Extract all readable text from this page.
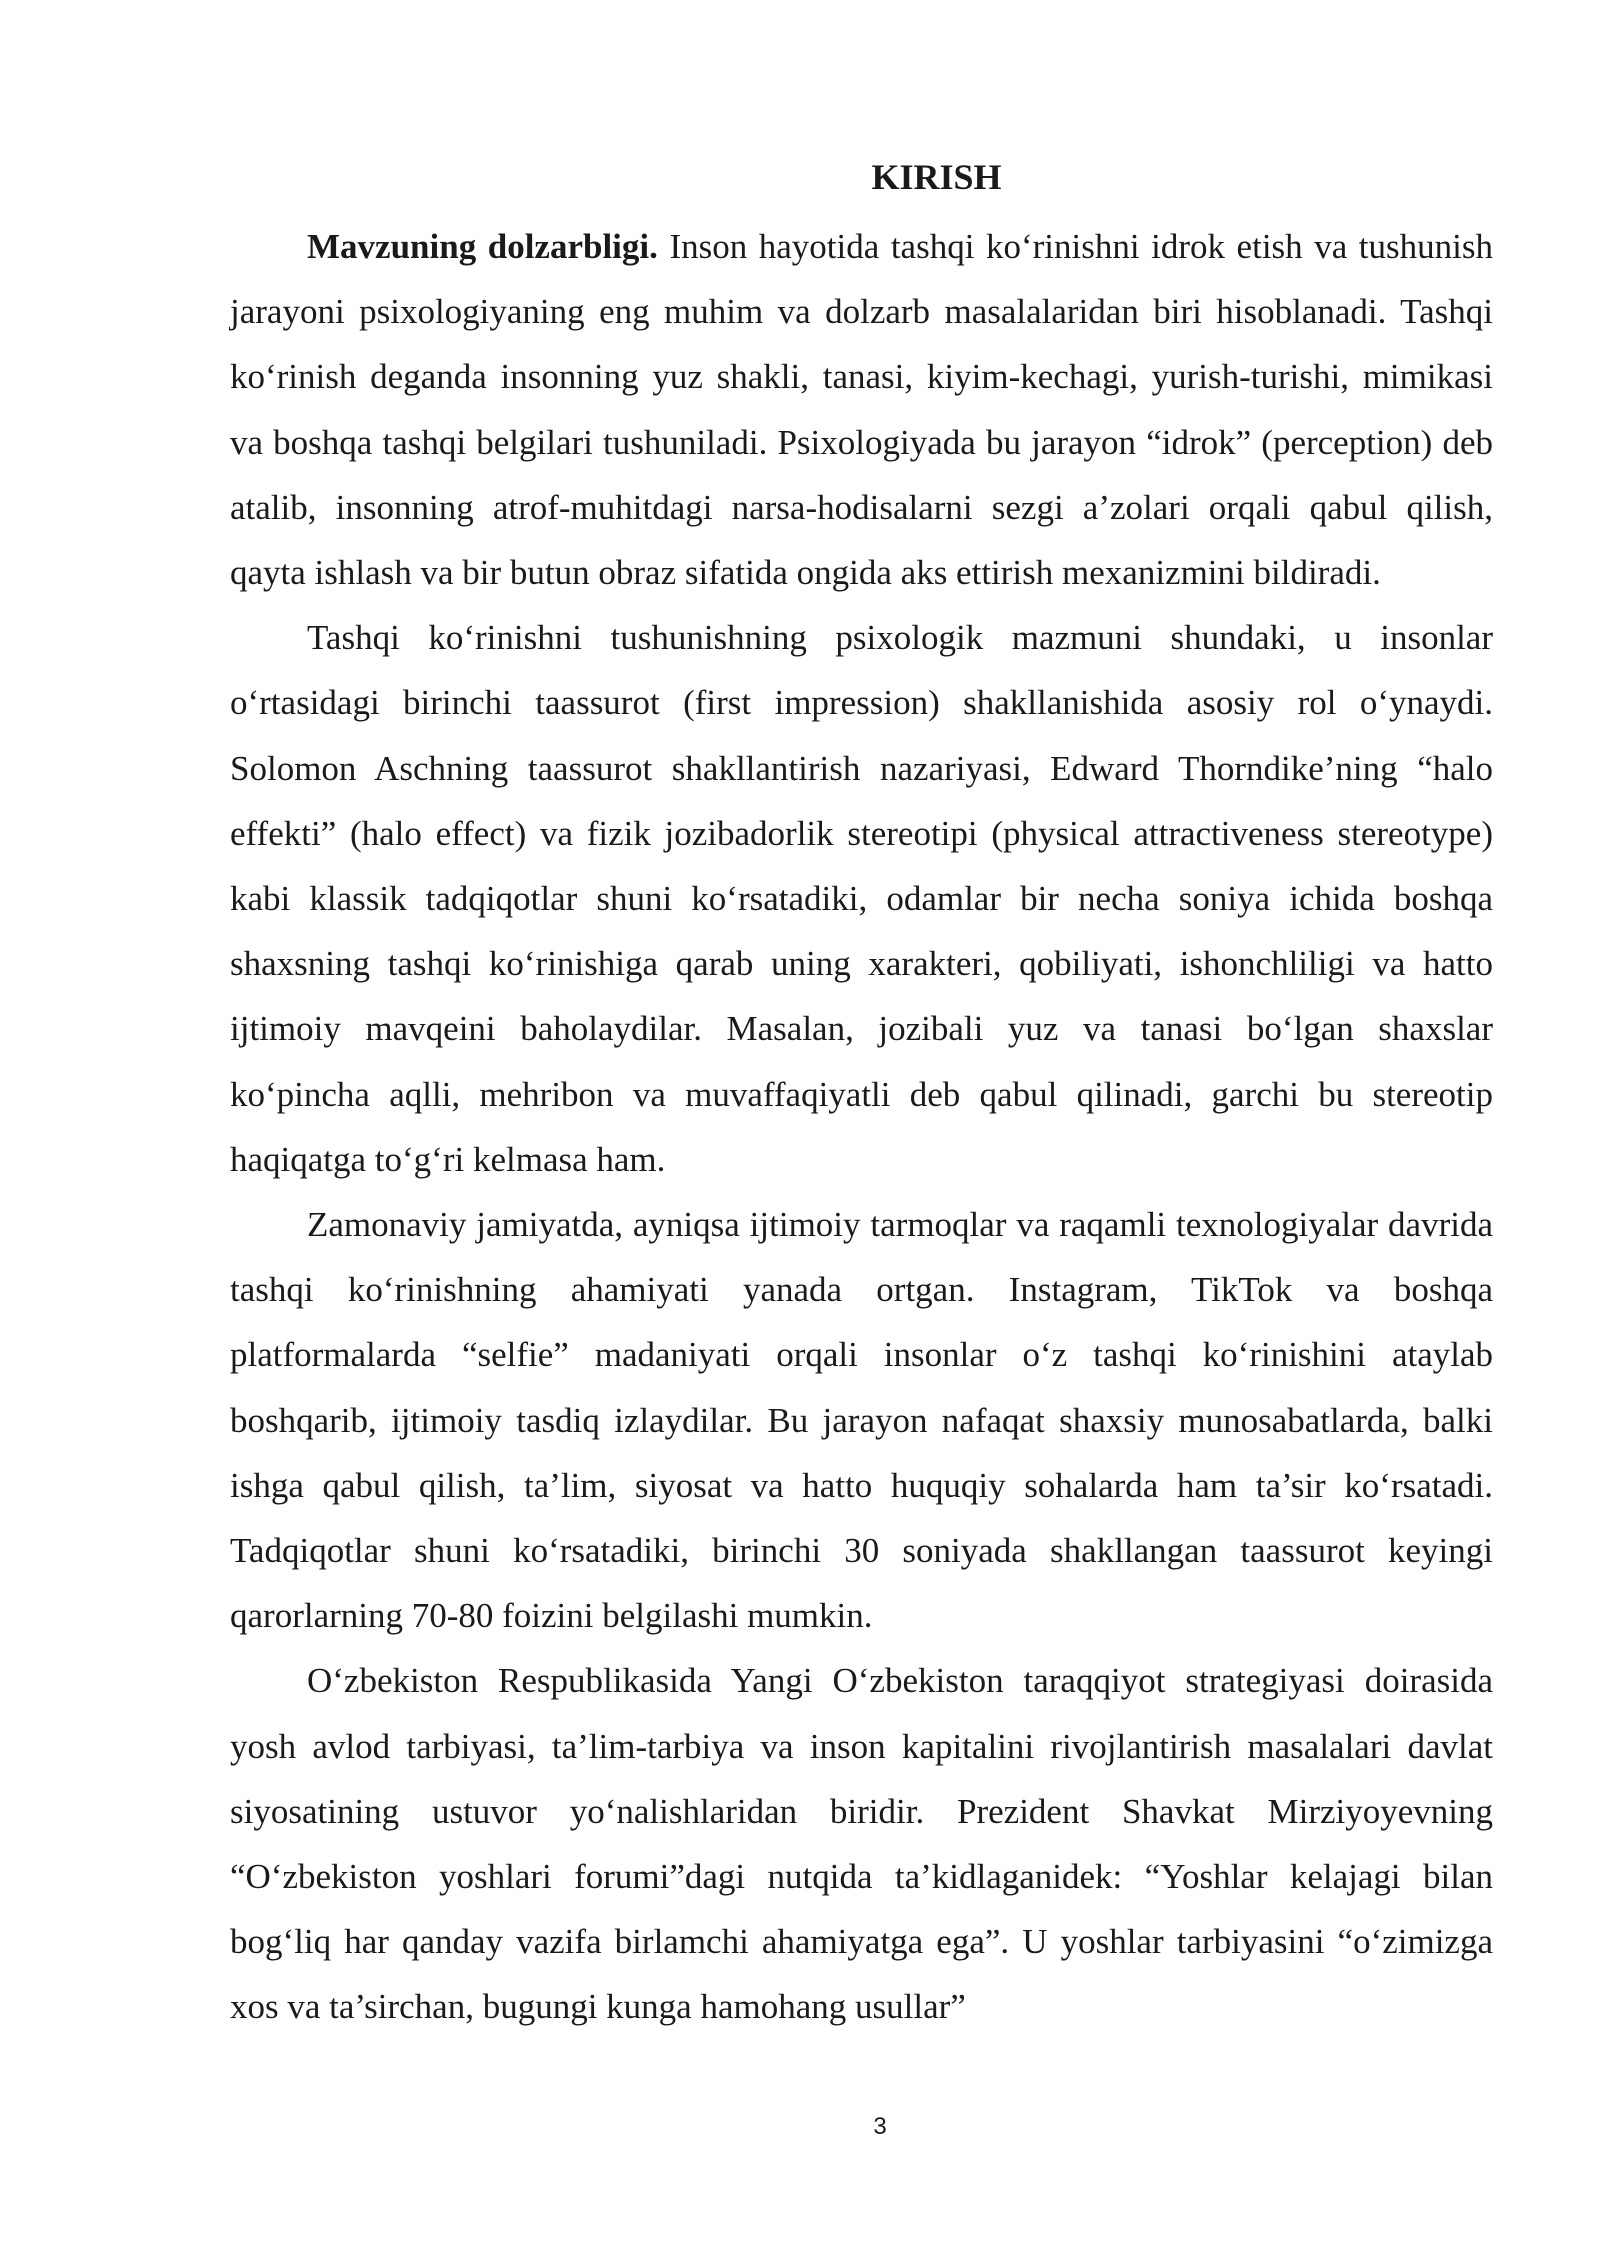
KIRISH

Mavzuning dolzarbligi. Inson hayotida tashqi ko‘rinishni idrok etish va tushunish jarayoni psixologiyaning eng muhim va dolzarb masalalaridan biri hisoblanadi. Tashqi ko‘rinish deganda insonning yuz shakli, tanasi, kiyim-kechagi, yurish-turishi, mimikasi va boshqa tashqi belgilari tushuniladi. Psixologiyada bu jarayon “idrok” (perception) deb atalib, insonning atrof-muhitdagi narsa-hodisalarni sezgi a’zolari orqali qabul qilish, qayta ishlash va bir butun obraz sifatida ongida aks ettirish mexanizmini bildiradi.

Tashqi ko‘rinishni tushunishning psixologik mazmuni shundaki, u insonlar o‘rtasidagi birinchi taassurot (first impression) shakllanishida asosiy rol o‘ynaydi. Solomon Aschning taassurot shakllantirish nazariyasi, Edward Thorndike’ning “halo effekti” (halo effect) va fizik jozibadorlik stereotipi (physical attractiveness stereotype) kabi klassik tadqiqotlar shuni ko‘rsatadiki, odamlar bir necha soniya ichida boshqa shaxsning tashqi ko‘rinishiga qarab uning xarakteri, qobiliyati, ishonchliligi va hatto ijtimoiy mavqeini baholaydilar. Masalan, jozibali yuz va tanasi bo‘lgan shaxslar ko‘pincha aqlli, mehribon va muvaffaqiyatli deb qabul qilinadi, garchi bu stereotip haqiqatga to‘g‘ri kelmasa ham.

Zamonaviy jamiyatda, ayniqsa ijtimoiy tarmoqlar va raqamli texnologiyalar davrida tashqi ko‘rinishning ahamiyati yanada ortgan. Instagram, TikTok va boshqa platformalarda “selfie” madaniyati orqali insonlar o‘z tashqi ko‘rinishini ataylab boshqarib, ijtimoiy tasdiq izlaydilar. Bu jarayon nafaqat shaxsiy munosabatlarda, balki ishga qabul qilish, ta’lim, siyosat va hatto huquqiy sohalarda ham ta’sir ko‘rsatadi. Tadqiqotlar shuni ko‘rsatadiki, birinchi 30 soniyada shakllangan taassurot keyingi qarorlarning 70-80 foizini belgilashi mumkin.

O‘zbekiston Respublikasida Yangi O‘zbekiston taraqqiyot strategiyasi doirasida yosh avlod tarbiyasi, ta’lim-tarbiya va inson kapitalini rivojlantirish masalalari davlat siyosatining ustuvor yo‘nalishlaridan biridir. Prezident Shavkat Mirziyoyevning “O‘zbekiston yoshlari forumi”dagi nutqida ta’kidlaganidek: “Yoshlar kelajagi bilan bog‘liq har qanday vazifa birlamchi ahamiyatga ega”. U yoshlar tarbiyasini “o‘zimizga xos va ta’sirchan, bugungi kunga hamohang usullar”

3
